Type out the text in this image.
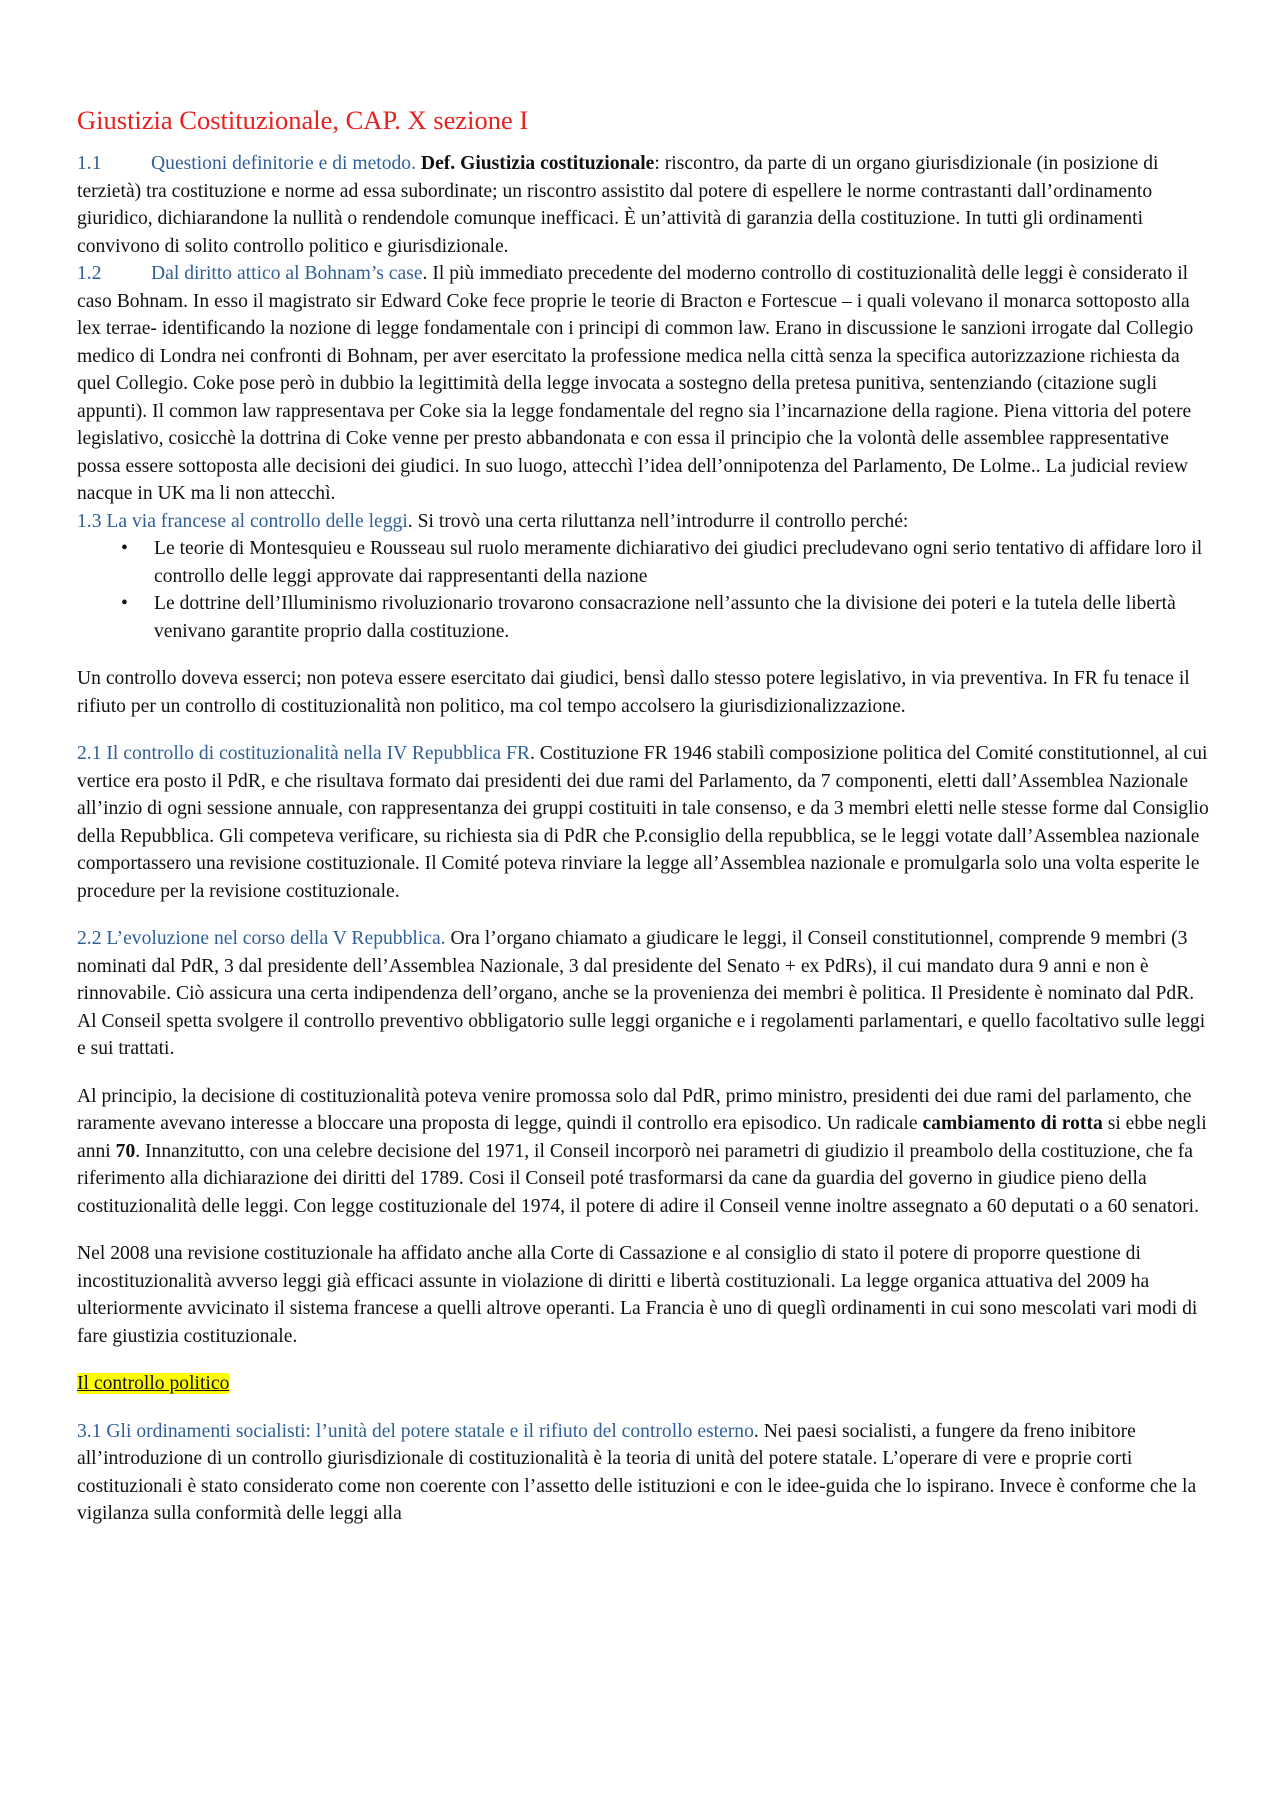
Giustizia Costituzionale, CAP. X sezione I

1.1	Questioni definitorie e di metodo. Def. Giustizia costituzionale: riscontro, da parte di un organo giurisdizionale (in posizione di terzietà) tra costituzione e norme ad essa subordinate; un riscontro assistito dal potere di espellere le norme contrastanti dall’ordinamento giuridico, dichiarandone la nullità o rendendole comunque inefficaci. È un’attività di garanzia della costituzione. In tutti gli ordinamenti convivono di solito controllo politico e giurisdizionale.

1.2	Dal diritto attico al Bohnam’s case. Il più immediato precedente del moderno controllo di costituzionalità delle leggi è considerato il caso Bohnam. In esso il magistrato sir Edward Coke fece proprie le teorie di Bracton e Fortescue – i quali volevano il monarca sottoposto alla lex terrae- identificando la nozione di legge fondamentale con i principi di common law. Erano in discussione le sanzioni irrogate dal Collegio medico di Londra nei confronti di Bohnam, per aver esercitato la professione medica nella città senza la specifica autorizzazione richiesta da quel Collegio. Coke pose però in dubbio la legittimità della legge invocata a sostegno della pretesa punitiva, sentenziando (citazione sugli appunti). Il common law rappresentava per Coke sia la legge fondamentale del regno sia l’incarnazione della ragione. Piena vittoria del potere legislativo, cosicchè la dottrina di Coke venne per presto abbandonata e con essa il principio che la volontà delle assemblee rappresentative possa essere sottoposta alle decisioni dei giudici. In suo luogo, attecchì l’idea dell’onnipotenza del Parlamento, De Lolme.. La judicial review nacque in UK ma li non attecchì.

1.3 La via francese al controllo delle leggi. Si trovò una certa riluttanza nell’introdurre il controllo perché:

• Le teorie di Montesquieu e Rousseau sul ruolo meramente dichiarativo dei giudici precludevano ogni serio tentativo di affidare loro il controllo delle leggi approvate dai rappresentanti della nazione
• Le dottrine dell’Illuminismo rivoluzionario trovarono consacrazione nell’assunto che la divisione dei poteri e la tutela delle libertà venivano garantite proprio dalla costituzione.

Un controllo doveva esserci; non poteva essere esercitato dai giudici, bensì dallo stesso potere legislativo, in via preventiva. In FR fu tenace il rifiuto per un controllo di costituzionalità non politico, ma col tempo accolsero la giurisdizionalizzazione.

2.1 Il controllo di costituzionalità nella IV Repubblica FR. Costituzione FR 1946 stabilì composizione politica del Comité constitutionnel, al cui vertice era posto il PdR, e che risultava formato dai presidenti dei due rami del Parlamento, da 7 componenti, eletti dall’Assemblea Nazionale all’inzio di ogni sessione annuale, con rappresentanza dei gruppi costituiti in tale consenso, e da 3 membri eletti nelle stesse forme dal Consiglio della Repubblica. Gli competeva verificare, su richiesta sia di PdR che P.consiglio della repubblica, se le leggi votate dall’Assemblea nazionale comportassero una revisione costituzionale. Il Comité poteva rinviare la legge all’Assemblea nazionale e promulgarla solo una volta esperite le procedure per la revisione costituzionale.

2.2 L’evoluzione nel corso della V Repubblica. Ora l’organo chiamato a giudicare le leggi, il Conseil constitutionnel, comprende 9 membri (3 nominati dal PdR, 3 dal presidente dell’Assemblea Nazionale, 3 dal presidente del Senato + ex PdRs), il cui mandato dura 9 anni e non è rinnovabile. Ciò assicura una certa indipendenza dell’organo, anche se la provenienza dei membri è politica. Il Presidente è nominato dal PdR. Al Conseil spetta svolgere il controllo preventivo obbligatorio sulle leggi organiche e i regolamenti parlamentari, e quello facoltativo sulle leggi e sui trattati.

Al principio, la decisione di costituzionalità poteva venire promossa solo dal PdR, primo ministro, presidenti dei due rami del parlamento, che raramente avevano interesse a bloccare una proposta di legge, quindi il controllo era episodico. Un radicale cambiamento di rotta si ebbe negli anni 70. Innanzitutto, con una celebre decisione del 1971, il Conseil incorporò nei parametri di giudizio il preambolo della costituzione, che fa riferimento alla dichiarazione dei diritti del 1789. Cosi il Conseil poté trasformarsi da cane da guardia del governo in giudice pieno della costituzionalità delle leggi. Con legge costituzionale del 1974, il potere di adire il Conseil venne inoltre assegnato a 60 deputati o a 60 senatori.

Nel 2008 una revisione costituzionale ha affidato anche alla Corte di Cassazione e al consiglio di stato il potere di proporre questione di incostituzionalità avverso leggi già efficaci assunte in violazione di diritti e libertà costituzionali. La legge organica attuativa del 2009 ha ulteriormente avvicinato il sistema francese a quelli altrove operanti. La Francia è uno di queglì ordinamenti in cui sono mescolati vari modi di fare giustizia costituzionale.

Il controllo politico

3.1 Gli ordinamenti socialisti: l’unità del potere statale e il rifiuto del controllo esterno. Nei paesi socialisti, a fungere da freno inibitore all’introduzione di un controllo giurisdizionale di costituzionalità è la teoria di unità del potere statale. L’operare di vere e proprie corti costituzionali è stato considerato come non coerente con l’assetto delle istituzioni e con le idee-guida che lo ispirano. Invece è conforme che la vigilanza sulla conformità delle leggi alla
